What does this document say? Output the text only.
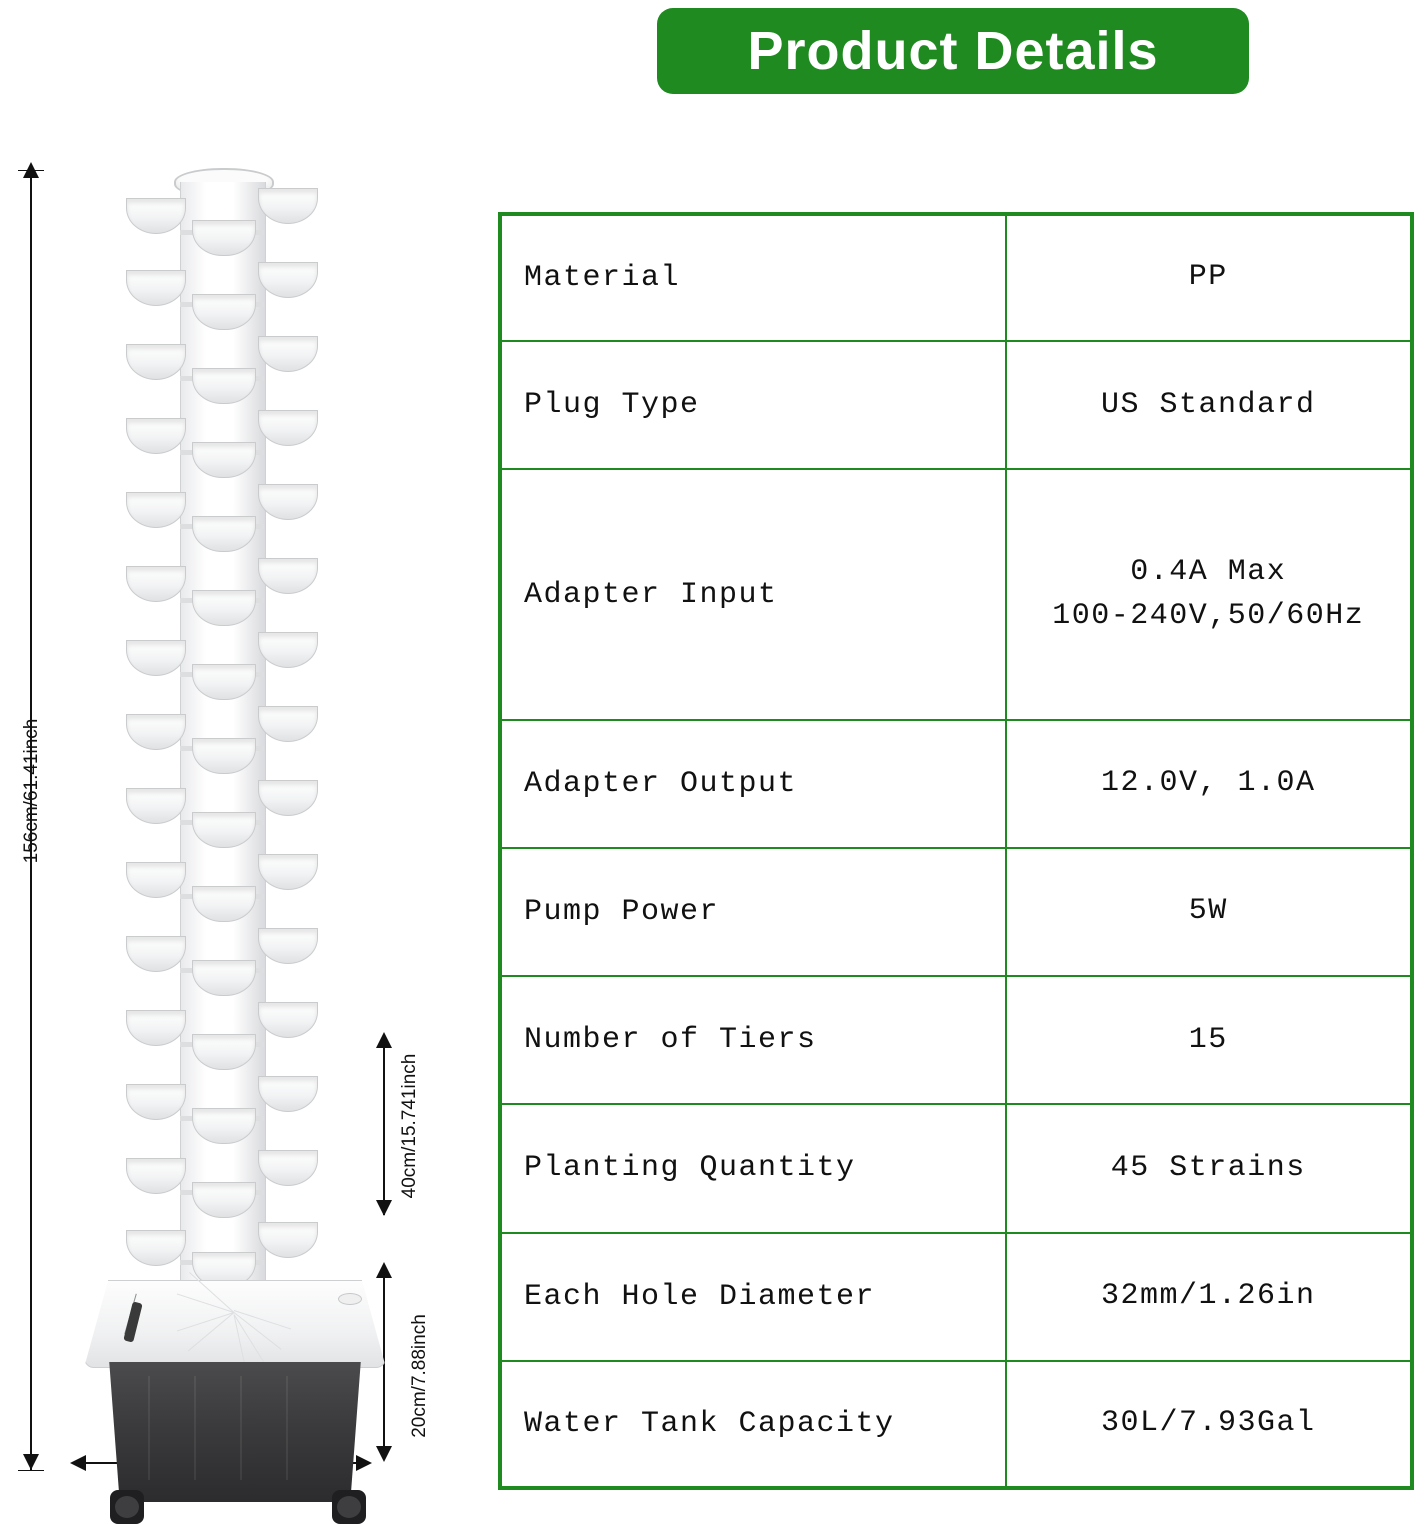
Product Details
156cm/61.41inch
40cm/15.741inch
20cm/7.88inch
Material	PP

Plug Type	US Standard

Adapter Input	0.4A Max
100-240V,50/60Hz

Adapter Output	12.0V, 1.0A

Pump Power	5W

Number of Tiers	15

Planting Quantity	45 Strains

Each Hole Diameter	32mm/1.26in

Water Tank Capacity	30L/7.93Gal
